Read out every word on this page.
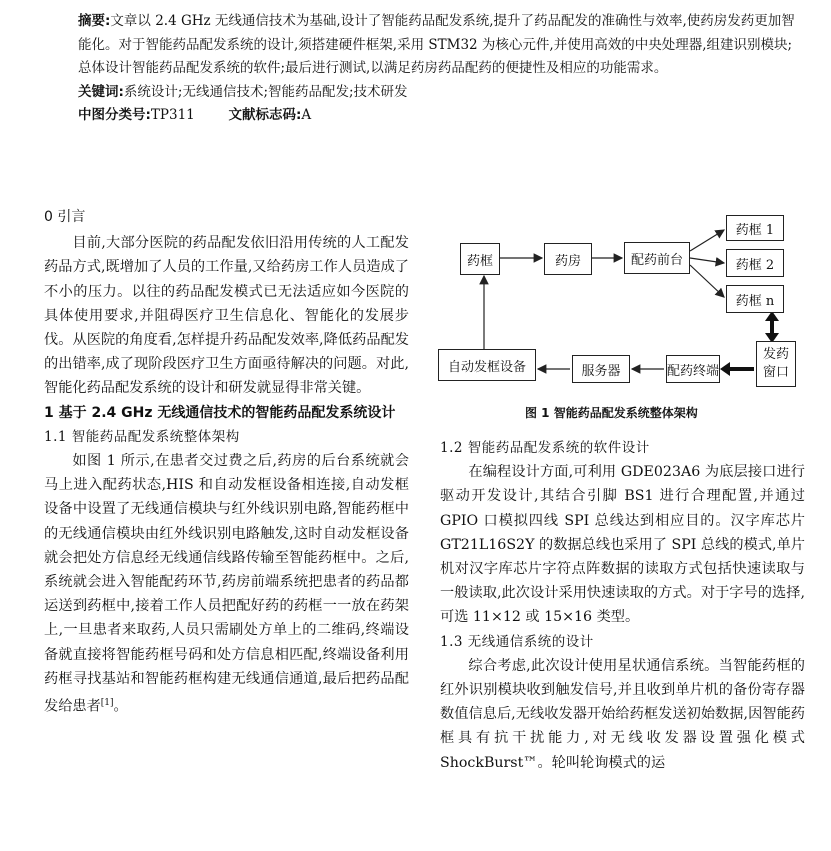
摘要:文章以 2.4 GHz 无线通信技术为基础,设计了智能药品配发系统,提升了药品配发的准确性与效率,使药房发药更加智能化。对于智能药品配发系统的设计,须搭建硬件框架,采用 STM32 为核心元件,并使用高效的中央处理器,组建识别模块;总体设计智能药品配发系统的软件;最后进行测试,以满足药房药品配药的便捷性及相应的功能需求。

关键词:系统设计;无线通信技术;智能药品配发;技术研发

中图分类号:TP311   	文献标志码:A

0 引言

目前,大部分医院的药品配发依旧沿用传统的人工配发药品方式,既增加了人员的工作量,又给药房工作人员造成了不小的压力。以往的药品配发模式已无法适应如今医院的具体使用要求,并阻碍医疗卫生信息化、智能化的发展步伐。从医院的角度看,怎样提升药品配发效率,降低药品配发的出错率,成了现阶段医疗卫生方面亟待解决的问题。对此,智能化药品配发系统的设计和研发就显得非常关键。

1 基于 2.4 GHz 无线通信技术的智能药品配发系统设计

1.1 智能药品配发系统整体架构

如图 1 所示,在患者交过费之后,药房的后台系统就会马上进入配药状态,HIS 和自动发框设备相连接,自动发框设备中设置了无线通信模块与红外线识别电路,智能药框中的无线通信模块由红外线识别电路触发,这时自动发框设备就会把处方信息经无线通信线路传输至智能药框中。之后,系统就会进入智能配药环节,药房前端系统把患者的药品都运送到药框中,接着工作人员把配好药的药框一一放在药架上,一旦患者来取药,人员只需刷处方单上的二维码,终端设备就直接将智能药框号码和处方信息相匹配,终端设备利用药框寻找基站和智能药框构建无线通信通道,最后把药品配发给患者[1]。

药框	药房	配药前台
药框 1
药框 2
药框 n
自动发框设备	服务器	配药终端
发药
窗口
图 1 智能药品配发系统整体架构

1.2 智能药品配发系统的软件设计

在编程设计方面,可利用 GDE023A6 为底层接口进行驱动开发设计,其结合引脚 BS1 进行合理配置,并通过 GPIO 口模拟四线 SPI 总线达到相应目的。汉字库芯片 GT21L16S2Y 的数据总线也采用了 SPI 总线的模式,单片机对汉字库芯片字符点阵数据的读取方式包括快速读取与一般读取,此次设计采用快速读取的方式。对于字号的选择,可选 11×12 或 15×16 类型。

1.3 无线通信系统的设计

综合考虑,此次设计使用星状通信系统。当智能药框的红外识别模块收到触发信号,并且收到单片机的备份寄存器数值信息后,无线收发器开始给药框发送初始数据,因智能药框具有抗干扰能力,对无线收发器设置强化模式 ShockBurst™。轮叫轮询模式的运
